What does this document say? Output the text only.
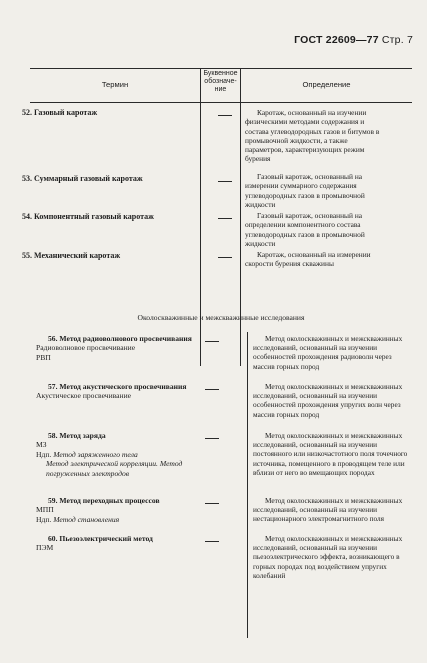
ГОСТ 22609—77 Стр. 7
Термин
Буквенное обозначе-ние
Определение
52. Газовый каротаж	Каротаж, основанный на изучении физическими методами содержания и состава углеводородных газов и битумов в промывочной жидкости, а также параметров, характеризующих режим бурения
53. Суммарный газовый каротаж	Газовый каротаж, основанный на измерении суммарного содержания углеводородных газов в промывочной жидкости
54. Компонентный газовый каротаж	Газовый каротаж, основанный на определении компонентного состава углеводородных газов в промывочной жидкости
55. Механический каротаж	Каротаж, основанный на измерении скорости бурения скважины
Околоскважинные и межскважинные исследования
56. Метод радиоволнового просвечивания
Радиоволновое просвечивание
РВП
Метод околоскважинных и межскважинных исследований, основанный на изучении особенностей прохождения радиоволн через массив горных пород
57. Метод акустического просвечивания
Акустическое просвечивание
Метод околоскважинных и межскважинных исследований, основанный на изучении особенностей прохождения упругих волн через массив горных пород
58. Метод заряда
МЗ
Ндп. Метод заряженного тела
Метод электрической корреляции. Метод погруженных электродов
Метод околоскважинных и межскважинных исследований, основанный на изучении постоянного или низкочастотного поля точечного источника, помещенного в проводящем теле или вблизи от него во вмещающих породах
59. Метод переходных процессов
МПП
Ндп. Метод становления
Метод околоскважинных и межскважинных исследований, основанный на изучении нестационарного электромагнитного поля
60. Пьезоэлектрический метод
ПЭМ
Метод околоскважинных и межскважинных исследований, основанный на изучении пьезоэлектрического эффекта, возникающего в горных породах под воздействием упругих колебаний
